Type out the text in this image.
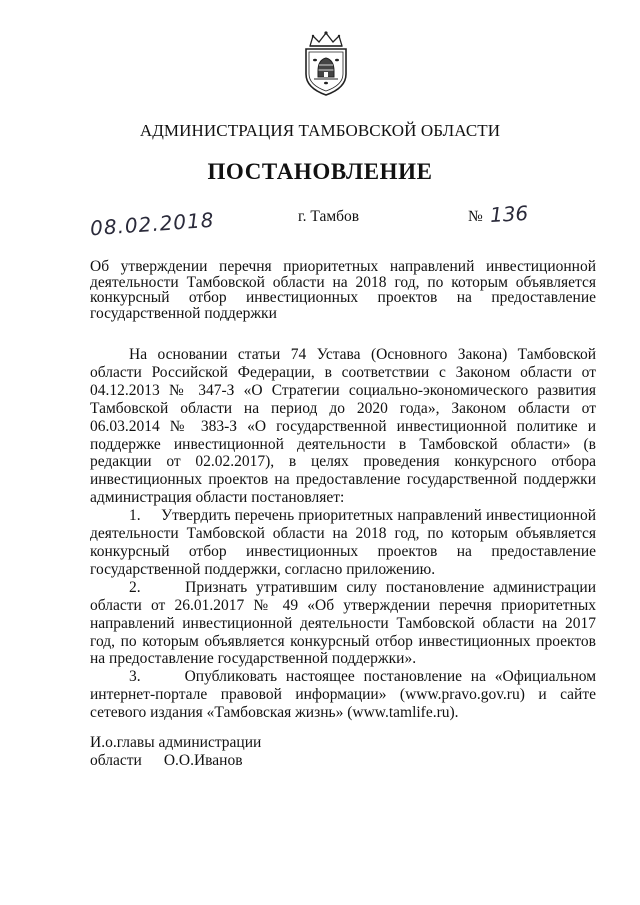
АДМИНИСТРАЦИЯ ТАМБОВСКОЙ ОБЛАСТИ
ПОСТАНОВЛЕНИЕ
08.02.2018	г. Тамбов	№ 136
Об утверждении перечня приоритетных направлений инвестиционной деятельности Тамбовской области на 2018 год, по которым объявляется конкурсный отбор инвестиционных проектов на предоставление государственной поддержки

На основании статьи 74 Устава (Основного Закона) Тамбовской области Российской Федерации, в соответствии с Законом области от 04.12.2013 № 347-З «О Стратегии социально-экономического развития Тамбовской области на период до 2020 года», Законом области от 06.03.2014 № 383-З «О государственной инвестиционной политике и поддержке инвестиционной деятельности в Тамбовской области» (в редакции от 02.02.2017), в целях проведения конкурсного отбора инвестиционных проектов на предоставление государственной поддержки администрация области постановляет:

1. Утвердить перечень приоритетных направлений инвестиционной деятельности Тамбовской области на 2018 год, по которым объявляется конкурсный отбор инвестиционных проектов на предоставление государственной поддержки, согласно приложению.

2.	Признать утратившим силу постановление администрации области от 26.01.2017 № 49 «Об утверждении перечня приоритетных направлений инвестиционной деятельности Тамбовской области на 2017 год, по которым объявляется конкурсный отбор инвестиционных проектов на предоставление государственной поддержки».

3.	Опубликовать настоящее постановление на «Официальном интернет-портале правовой информации» (www.pravo.gov.ru) и сайте сетевого издания «Тамбовская жизнь» (www.tamlife.ru).

И.о.главы администрации
области О.О.Иванов
